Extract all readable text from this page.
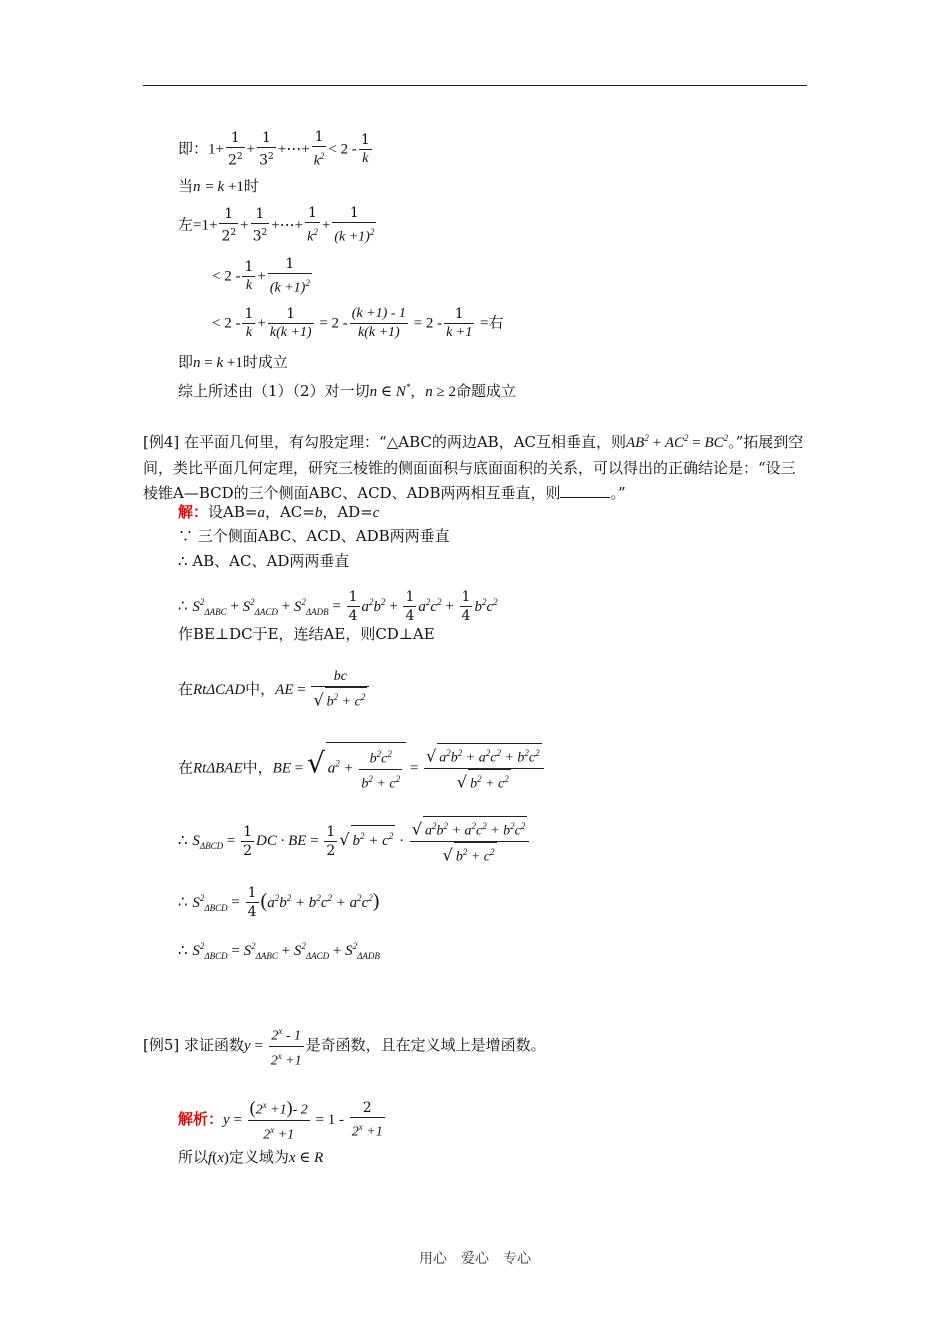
即：$1+ \frac{1}{2^2} + \frac{1}{3^2}$ +⋯+ $\frac{1}{k^2} < 2 - \frac{1}{k}$
当n = k +1时
左$=1+ \frac{1}{2^2} + \frac{1}{3^2}$ +⋯+ $\frac{1}{k^2} + \frac{1}{(k +1)^2}$
< $2 - \frac{1}{k} + \frac{1}{(k +1)^2}$
< $2 - \frac{1}{k} + \frac{1}{k(k +1)} = 2 - \frac{(k +1) - 1}{k(k +1)} = 2 - \frac{1}{k +1}$ =右
即n = k +1时成立
综上所述由（1）（2）对一切n ∈ N*，n ≥ 2命题成立
[例4] 在平面几何里，有勾股定理：“△ABC的两边AB，AC互相垂直，则$AB^2 + AC^2 = BC^2$。”拓展到空间，类比平面几何定理，研究三棱锥的侧面面积与底面面积的关系，可以得出的正确结论是：“设三棱锥A—BCD的三个侧面ABC、ACD、ADB两两相互垂直，则	。”
解：设AB=a，AC=b，AD=c
∵ 三个侧面ABC、ACD、ADB两两垂直
∴ AB、AC、AD两两垂直
∴ $S^2_{\Delta ABC} + S^2_{\Delta ACD} + S^2_{\Delta ADB} = \frac{1}{4} a^2b^2 + \frac{1}{4} a^2c^2 + \frac{1}{4} b^2c^2$
作BE⊥DC于E，连结AE，则CD⊥AE
在RtΔCAD中，AE = $\frac{bc}{√ b^2 + c^2}$
在RtΔBAE中，BE = √ $a^2 + \frac{b^2c^2}{b^2 + c^2} = \frac{√ a^2b^2 + a^2c^2 + b^2c^2}{√ b^2 + c^2}$
∴ $S_{\Delta BCD} = \frac{1}{2}$ DC · BE = $\frac{1}{2}$ √ $b^2 + c^2 \cdot \frac{√ a^2b^2 + a^2c^2 + b^2c^2}{√ b^2 + c^2}$
∴ $S^2_{\Delta BCD} = \frac{1}{4} (a^2b^2 + b^2c^2 + a^2c^2)$
∴ $S^2_{\Delta BCD} = S^2_{\Delta ABC} + S^2_{\Delta ACD} + S^2_{\Delta ADB}$
[例5] 求证函数$y = \frac{2^x - 1}{2^x +1}$ 是奇函数，且在定义域上是增函数。
解析：$y = \frac{(2^x +1)- 2}{2^x +1} = 1 - \frac{2}{2^x +1}$
所以f(x)定义域为x ∈ R
用心　爱心　专心
